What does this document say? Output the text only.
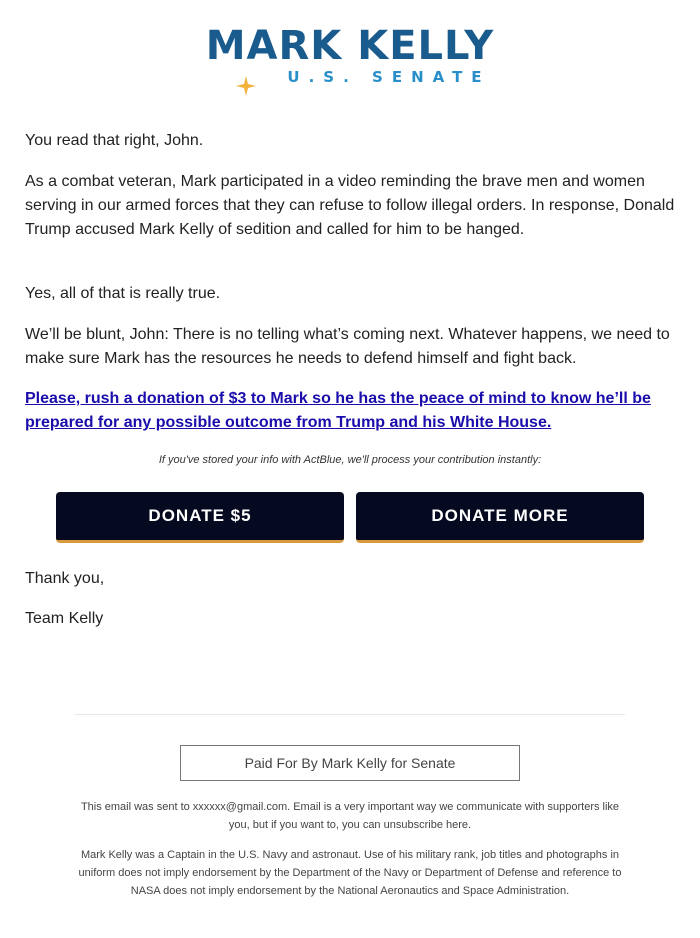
MARK KELLY
U.S. SENATE

You read that right, John.

As a combat veteran, Mark participated in a video reminding the brave men and women serving in our armed forces that they can refuse to follow illegal orders. In response, Donald Trump accused Mark Kelly of sedition and called for him to be hanged.

Yes, all of that is really true.

We’ll be blunt, John: There is no telling what’s coming next. Whatever happens, we need to make sure Mark has the resources he needs to defend himself and fight back.

Please, rush a donation of $3 to Mark so he has the peace of mind to know he’ll be prepared for any possible outcome from Trump and his White House.
If you've stored your info with ActBlue, we'll process your contribution instantly:
DONATE $5	DONATE MORE

Thank you,

Team Kelly

Paid For By Mark Kelly for Senate
This email was sent to xxxxxx@gmail.com. Email is a very important way we communicate with supporters like you, but if you want to, you can unsubscribe here.
Mark Kelly was a Captain in the U.S. Navy and astronaut. Use of his military rank, job titles and photographs in uniform does not imply endorsement by the Department of the Navy or Department of Defense and reference to NASA does not imply endorsement by the National Aeronautics and Space Administration.
